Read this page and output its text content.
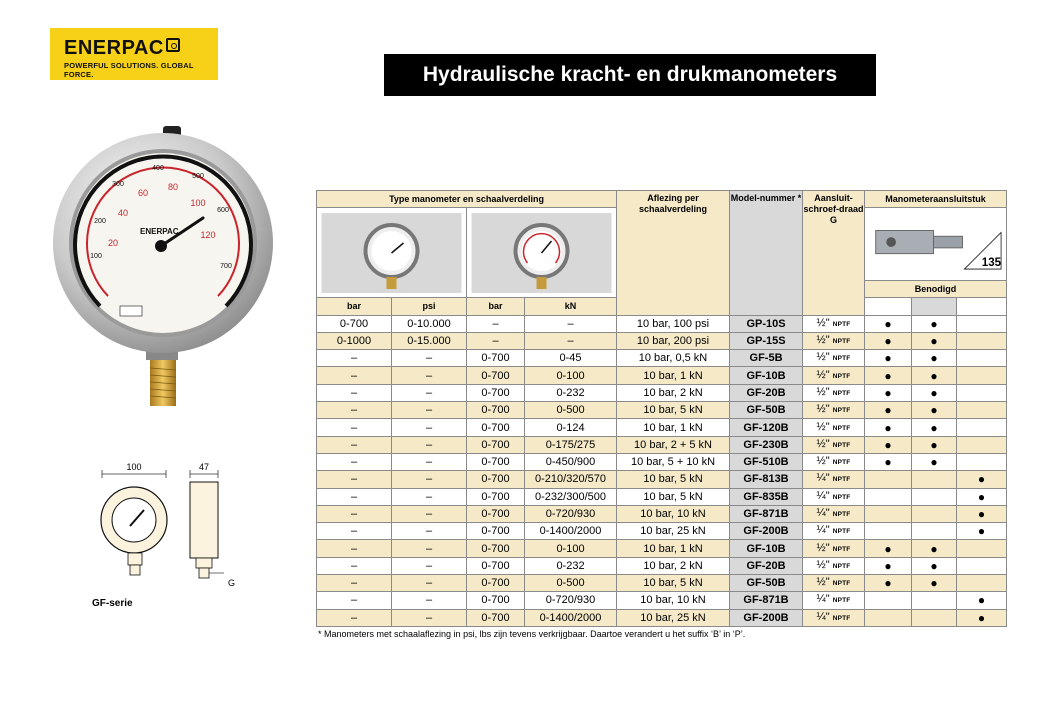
ENERPAC
POWERFUL SOLUTIONS. GLOBAL FORCE.	Hydraulische kracht- en drukmanometers
20
40
60
80
100
120
100
200
300
400
500
600
700
ENERPAC
100	47
G
GF-serie
Type manometer en schaalverdeling				Aflezing per schaalverdeling	Model-nummer *	Aansluit-schroef-draad G	Manometeraansluitstuk			

135			

							Benodigd			
bar	psi	bar	kN						
0-700	0-10.000	–	–	10 bar, 100 psi	GP-10S	½" NPTF	●	●		
0-1000	0-15.000	–	–	10 bar, 200 psi	GP-15S	½" NPTF	●	●		
–	–	0-700	0-45	10 bar, 0,5 kN	GF-5B	½" NPTF	●	●		
–	–	0-700	0-100	10 bar, 1 kN	GF-10B	½" NPTF	●	●		
–	–	0-700	0-232	10 bar, 2 kN	GF-20B	½" NPTF	●	●		
–	–	0-700	0-500	10 bar, 5 kN	GF-50B	½" NPTF	●	●		
–	–	0-700	0-124	10 bar, 1 kN	GF-120B	½" NPTF	●	●		
–	–	0-700	0-175/275	10 bar, 2 + 5 kN	GF-230B	½" NPTF	●	●		
–	–	0-700	0-450/900	10 bar, 5 + 10 kN	GF-510B	½" NPTF	●	●		
–	–	0-700	0-210/320/570	10 bar, 5 kN	GF-813B	¼" NPTF			●	
–	–	0-700	0-232/300/500	10 bar, 5 kN	GF-835B	¼" NPTF			●	
–	–	0-700	0-720/930	10 bar, 10 kN	GF-871B	¼" NPTF			●	
–	–	0-700	0-1400/2000	10 bar, 25 kN	GF-200B	¼" NPTF			●	
–	–	0-700	0-100	10 bar, 1 kN	GF-10B	½" NPTF	●	●		
–	–	0-700	0-232	10 bar, 2 kN	GF-20B	½" NPTF	●	●		
–	–	0-700	0-500	10 bar, 5 kN	GF-50B	½" NPTF	●	●		
–	–	0-700	0-720/930	10 bar, 10 kN	GF-871B	¼" NPTF			●	
–	–	0-700	0-1400/2000	10 bar, 25 kN	GF-200B	¼" NPTF			●	
* Manometers met schaalaflezing in psi, lbs zijn tevens verkrijgbaar. Daartoe verandert u het suffix ‘B’ in ‘P’.
